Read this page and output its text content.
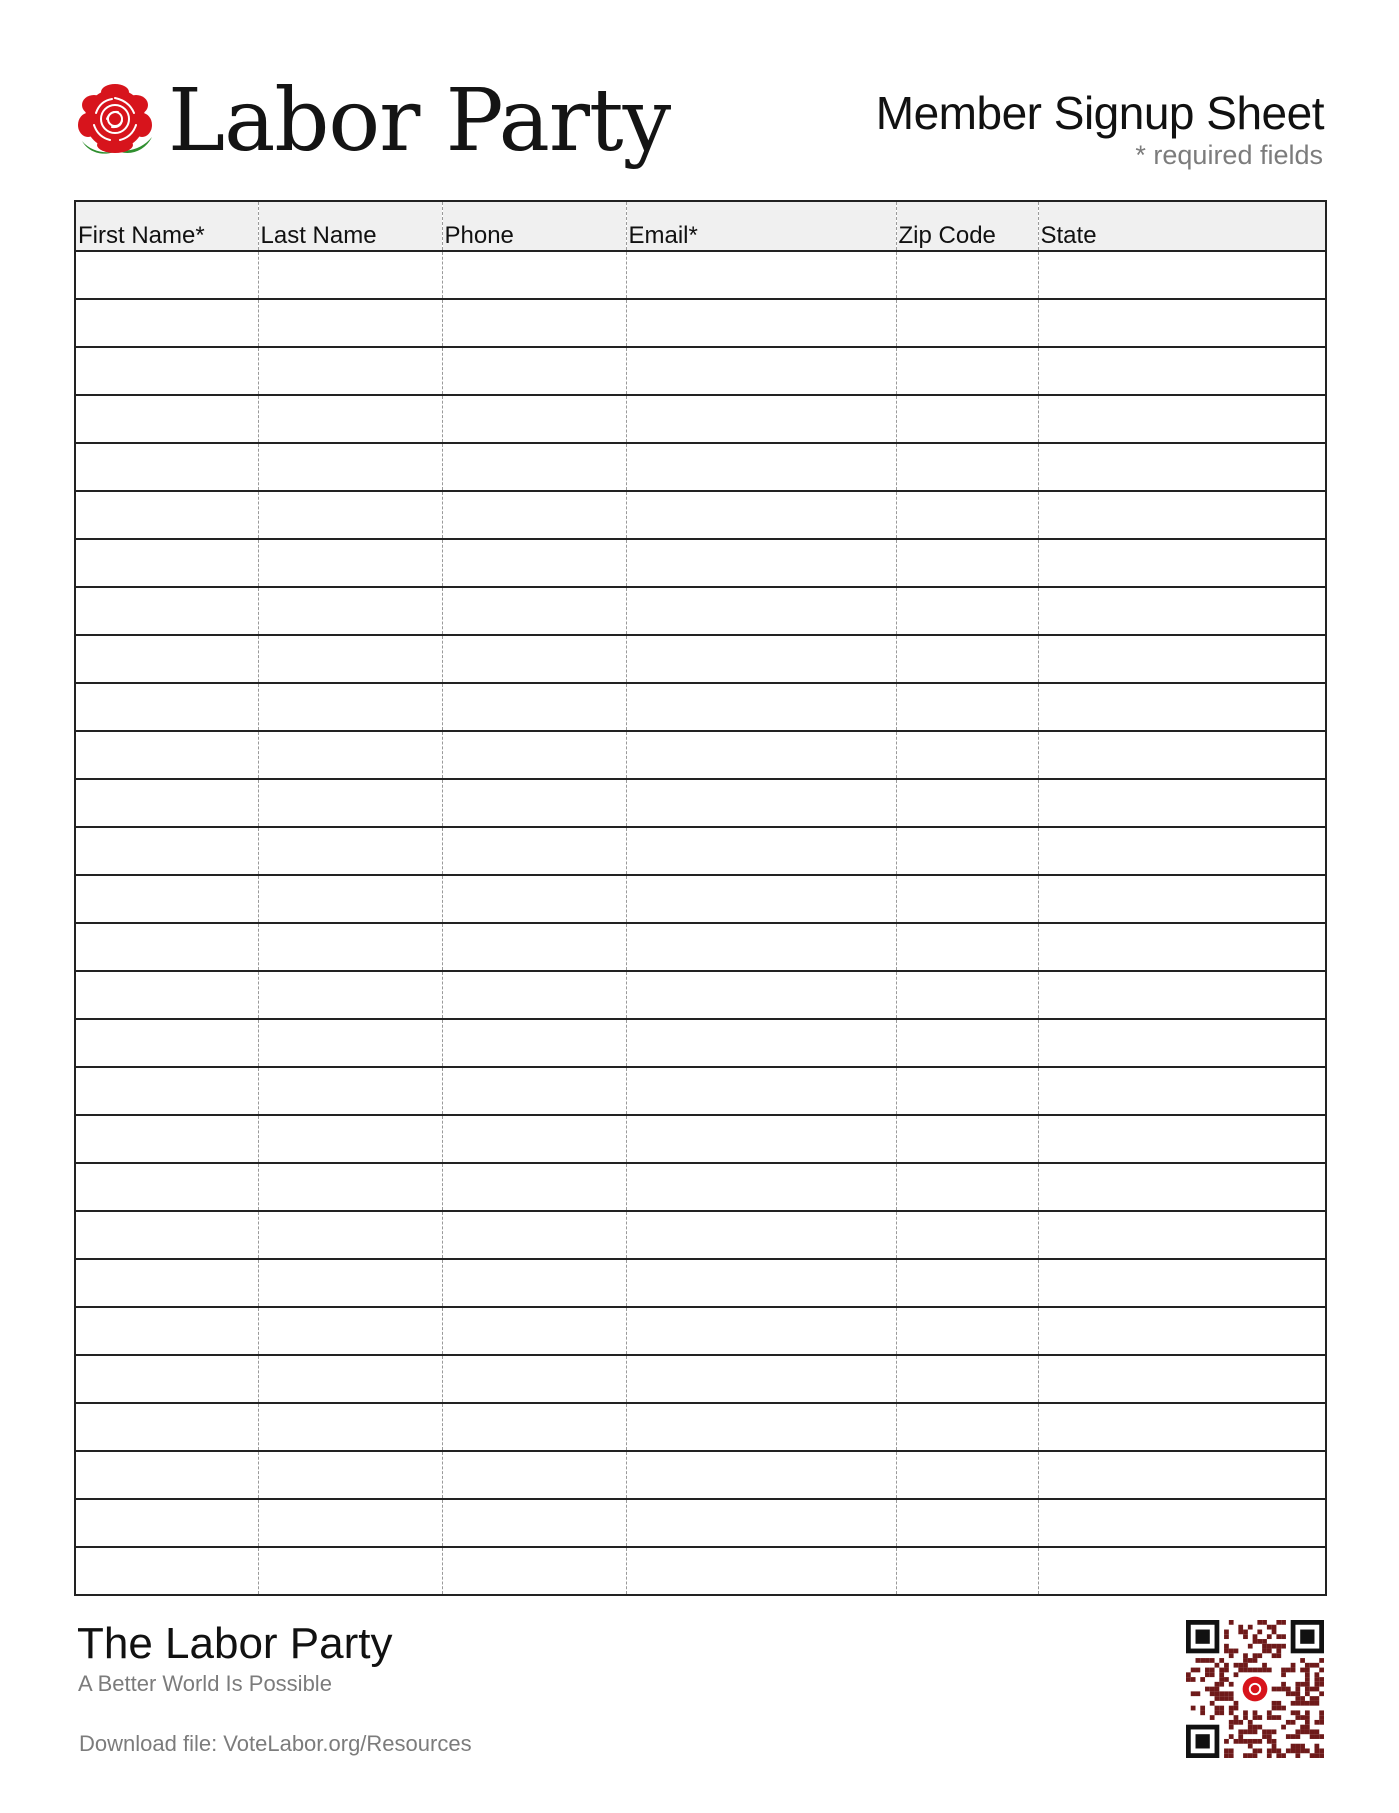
Labor Party	Member Signup Sheet
* required fields
First Name*	Last Name	Phone	Email*	Zip Code	State

The Labor Party
A Better World Is Possible
Download file: VoteLabor.org/Resources
